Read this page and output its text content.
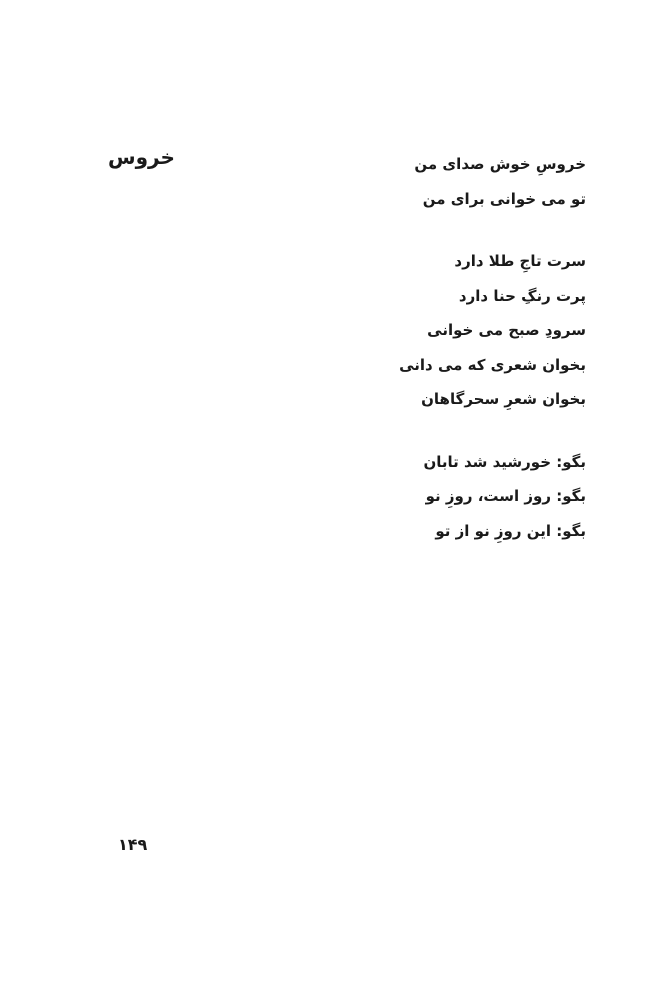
خروس	خروسِ خوش صدای من
تو می خوانی برای من
سرت تاجِ طلا دارد
پرت رنگِ حنا دارد
سرودِ صبح می خوانی
بخوان شعری که می دانی
بخوان شعرِ سحرگاهان
بگو: خورشید شد تابان
بگو: روز است، روزِ نو
بگو: این روزِ نو از تو
۱۴۹
